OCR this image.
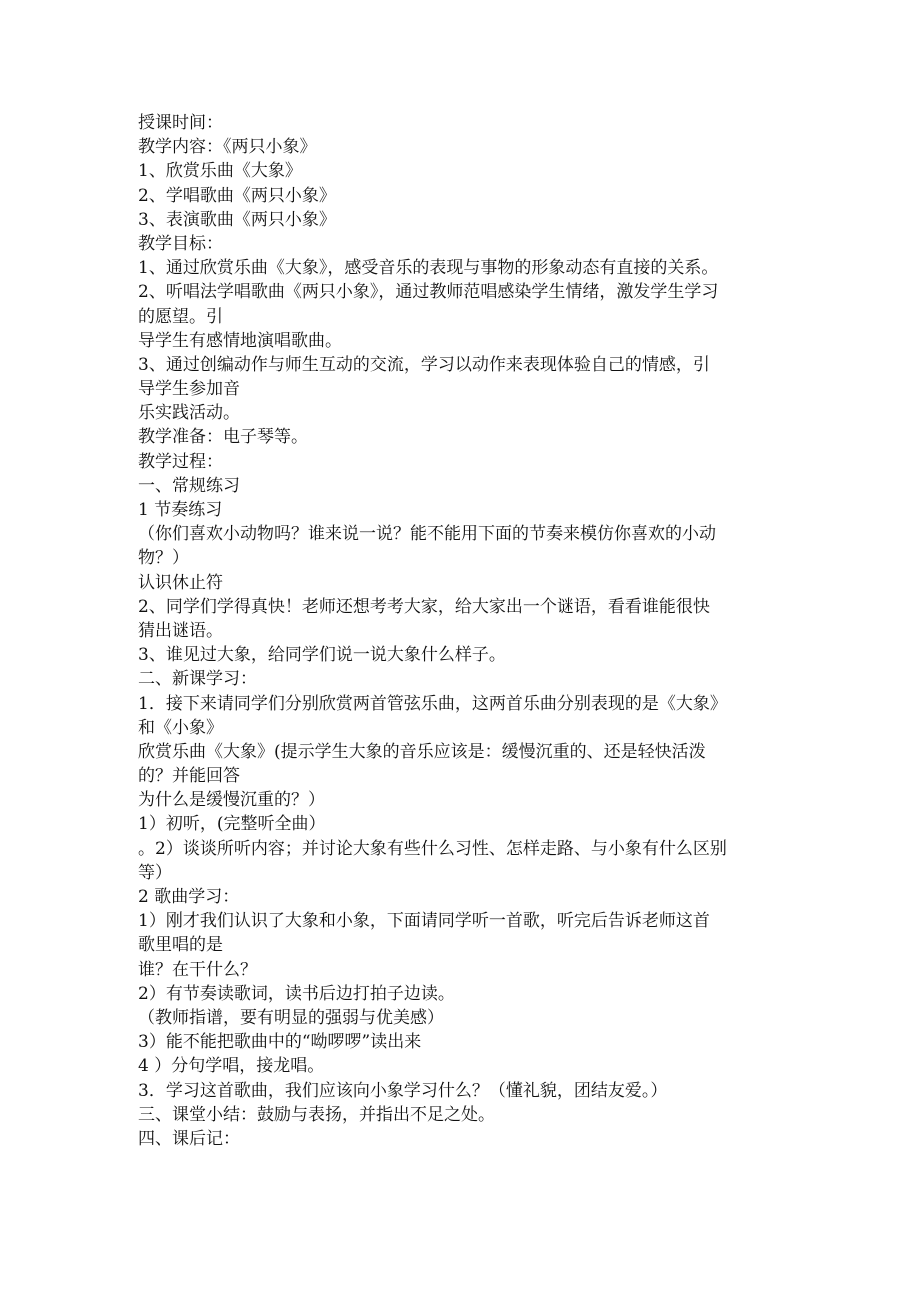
授课时间：
教学内容：《两只小象》
1、欣赏乐曲《大象》
2、学唱歌曲《两只小象》
3、表演歌曲《两只小象》
教学目标：
1、通过欣赏乐曲《大象》，感受音乐的表现与事物的形象动态有直接的关系。
2、听唱法学唱歌曲《两只小象》，通过教师范唱感染学生情绪，激发学生学习
的愿望。引
导学生有感情地演唱歌曲。
3、通过创编动作与师生互动的交流，学习以动作来表现体验自己的情感，引
导学生参加音
乐实践活动。
教学准备：电子琴等。
教学过程：
一、常规练习
1 节奏练习
（你们喜欢小动物吗？谁来说一说？能不能用下面的节奏来模仿你喜欢的小动
物？）
认识休止符
2、同学们学得真快！老师还想考考大家，给大家出一个谜语，看看谁能很快
猜出谜语。
3、谁见过大象，给同学们说一说大象什么样子。
二、新课学习：
1．接下来请同学们分别欣赏两首管弦乐曲，这两首乐曲分别表现的是《大象》
和《小象》
欣赏乐曲《大象》(提示学生大象的音乐应该是：缓慢沉重的、还是轻快活泼
的？并能回答
为什么是缓慢沉重的？）
1）初听，(完整听全曲）
。2）谈谈所听内容；并讨论大象有些什么习性、怎样走路、与小象有什么区别
等）
2 歌曲学习：
1）刚才我们认识了大象和小象，下面请同学听一首歌，听完后告诉老师这首
歌里唱的是
谁？在干什么？
2）有节奏读歌词，读书后边打拍子边读。
（教师指谱，要有明显的强弱与优美感）
3）能不能把歌曲中的“呦啰啰”读出来
4 ）分句学唱，接龙唱。
3．学习这首歌曲，我们应该向小象学习什么？（懂礼貌，团结友爱。）
三、课堂小结：鼓励与表扬，并指出不足之处。
四、课后记：
